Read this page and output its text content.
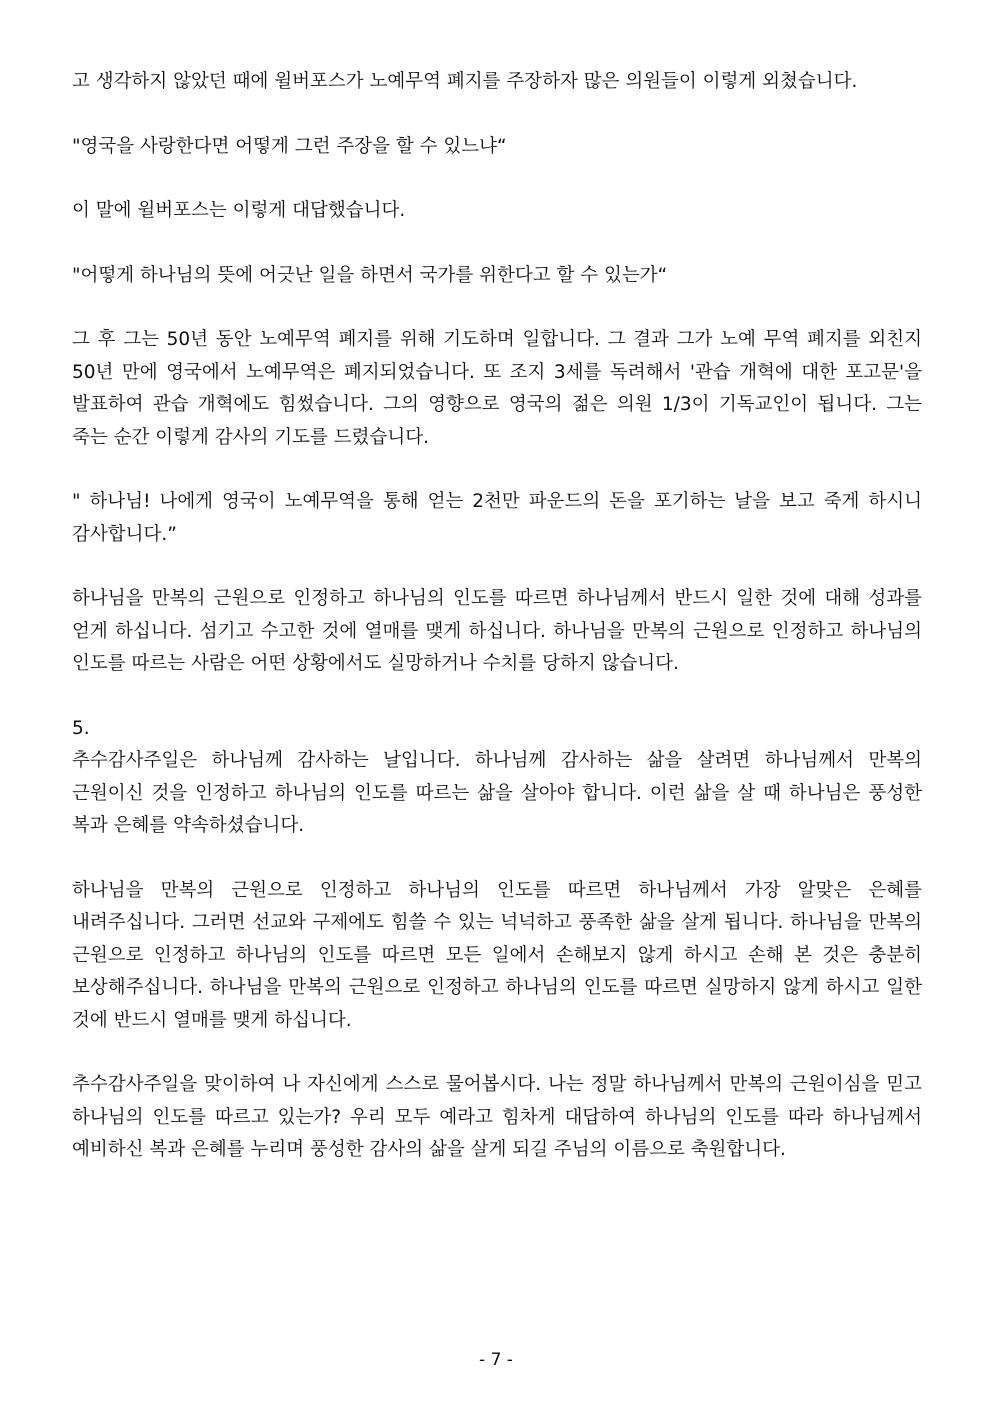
고 생각하지 않았던 때에 윌버포스가 노예무역 폐지를 주장하자 많은 의원들이 이렇게 외쳤습니다.

"영국을 사랑한다면 어떻게 그런 주장을 할 수 있느냐“

이 말에 윌버포스는 이렇게 대답했습니다.

"어떻게 하나님의 뜻에 어긋난 일을 하면서 국가를 위한다고 할 수 있는가“

그 후 그는 50년 동안 노예무역 폐지를 위해 기도하며 일합니다. 그 결과 그가 노예 무역 폐지를 외친지 50년 만에 영국에서 노예무역은 폐지되었습니다. 또 조지 3세를 독려해서 '관습 개혁에 대한 포고문'을 발표하여 관습 개혁에도 힘썼습니다. 그의 영향으로 영국의 젊은 의원 1/3이 기독교인이 됩니다. 그는 죽는 순간 이렇게 감사의 기도를 드렸습니다.

" 하나님! 나에게 영국이 노예무역을 통해 얻는 2천만 파운드의 돈을 포기하는 날을 보고 죽게 하시니 감사합니다.”

하나님을 만복의 근원으로 인정하고 하나님의 인도를 따르면 하나님께서 반드시 일한 것에 대해 성과를 얻게 하십니다. 섬기고 수고한 것에 열매를 맺게 하십니다. 하나님을 만복의 근원으로 인정하고 하나님의 인도를 따르는 사람은 어떤 상황에서도 실망하거나 수치를 당하지 않습니다.

5.

추수감사주일은 하나님께 감사하는 날입니다. 하나님께 감사하는 삶을 살려면 하나님께서 만복의 근원이신 것을 인정하고 하나님의 인도를 따르는 삶을 살아야 합니다. 이런 삶을 살 때 하나님은 풍성한 복과 은혜를 약속하셨습니다.

하나님을 만복의 근원으로 인정하고 하나님의 인도를 따르면 하나님께서 가장 알맞은 은혜를 내려주십니다. 그러면 선교와 구제에도 힘쓸 수 있는 넉넉하고 풍족한 삶을 살게 됩니다. 하나님을 만복의 근원으로 인정하고 하나님의 인도를 따르면 모든 일에서 손해보지 않게 하시고 손해 본 것은 충분히 보상해주십니다. 하나님을 만복의 근원으로 인정하고 하나님의 인도를 따르면 실망하지 않게 하시고 일한 것에 반드시 열매를 맺게 하십니다.

추수감사주일을 맞이하여 나 자신에게 스스로 물어봅시다. 나는 정말 하나님께서 만복의 근원이심을 믿고 하나님의 인도를 따르고 있는가? 우리 모두 예라고 힘차게 대답하여 하나님의 인도를 따라 하나님께서 예비하신 복과 은혜를 누리며 풍성한 감사의 삶을 살게 되길 주님의 이름으로 축원합니다.

- 7 -
